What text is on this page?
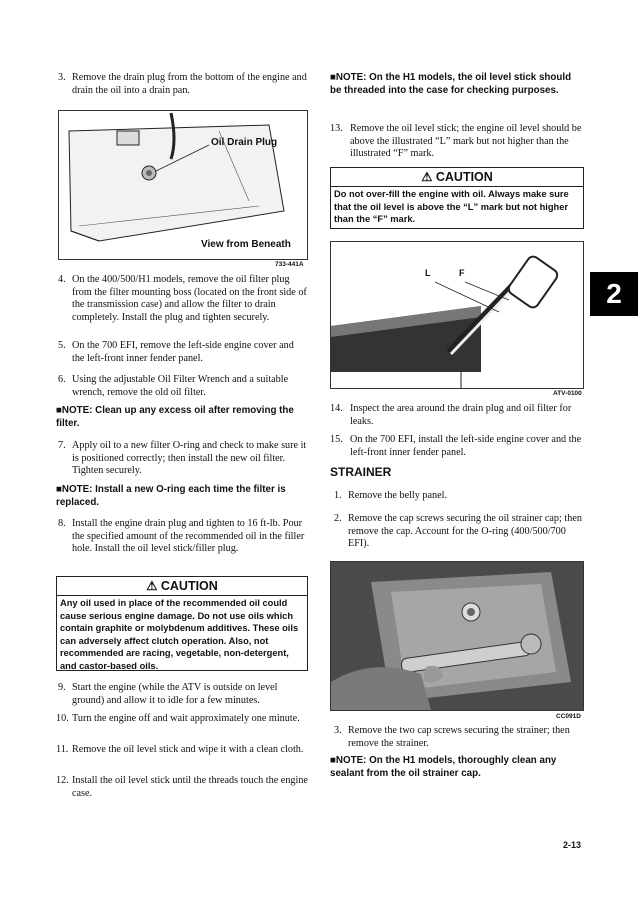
3. Remove the drain plug from the bottom of the engine and drain the oil into a drain pan.
Oil Drain Plug
View from Beneath
733-441A
4. On the 400/500/H1 models, remove the oil filter plug from the filter mounting boss (located on the front side of the transmission case) and allow the filter to drain completely. Install the plug and tighten securely.
5. On the 700 EFI, remove the left-side engine cover and the left-front inner fender panel.
6. Using the adjustable Oil Filter Wrench and a suitable wrench, remove the old oil filter.
■NOTE: Clean up any excess oil after removing the filter.
7. Apply oil to a new filter O-ring and check to make sure it is positioned correctly; then install the new oil filter. Tighten securely.
■NOTE: Install a new O-ring each time the filter is replaced.
8. Install the engine drain plug and tighten to 16 ft-lb. Pour the specified amount of the recommended oil in the filler hole. Install the oil level stick/filler plug.
⚠ CAUTION
Any oil used in place of the recommended oil could cause serious engine damage. Do not use oils which contain graphite or molybdenum additives. These oils can adversely affect clutch operation. Also, not recommended are racing, vegetable, non-detergent, and castor-based oils.
9. Start the engine (while the ATV is outside on level ground) and allow it to idle for a few minutes.
10. Turn the engine off and wait approximately one minute.
11. Remove the oil level stick and wipe it with a clean cloth.
12. Install the oil level stick until the threads touch the engine case.
■NOTE: On the H1 models, the oil level stick should be threaded into the case for checking purposes.
13. Remove the oil level stick; the engine oil level should be above the illustrated “L” mark but not higher than the illustrated “F” mark.
⚠ CAUTION
Do not over-fill the engine with oil. Always make sure that the oil level is above the “L” mark but not higher than the “F” mark.
F
L
ATV-0100
14. Inspect the area around the drain plug and oil filter for leaks.
15. On the 700 EFI, install the left-side engine cover and the left-front inner fender panel.
STRAINER
1. Remove the belly panel.
2. Remove the cap screws securing the oil strainer cap; then remove the cap. Account for the O-ring (400/500/700 EFI).
CC091D
3. Remove the two cap screws securing the strainer; then remove the strainer.
■NOTE: On the H1 models, thoroughly clean any sealant from the oil strainer cap.
2
2-13
